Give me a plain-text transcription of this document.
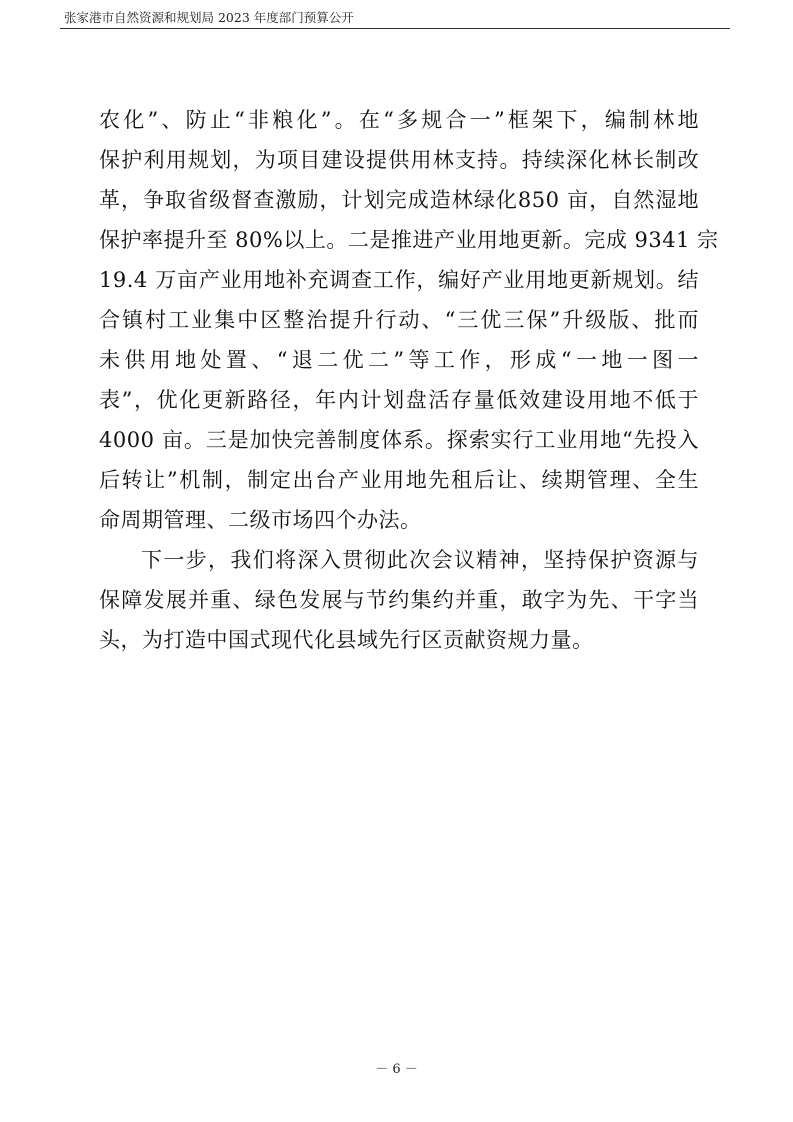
张家港市自然资源和规划局 2023 年度部门预算公开
农化”、防止“非粮化”。在“多规合一”框架下，编制林地
保护利用规划，为项目建设提供用林支持。持续深化林长制改
革，争取省级督查激励，计划完成造林绿化850 亩，自然湿地
保护率提升至 80%以上。二是推进产业用地更新。完成 9341 宗
19.4 万亩产业用地补充调查工作，编好产业用地更新规划。结
合镇村工业集中区整治提升行动、“三优三保”升级版、批而
未供用地处置、“退二优二”等工作，形成“一地一图一
表”，优化更新路径，年内计划盘活存量低效建设用地不低于
4000 亩。三是加快完善制度体系。探索实行工业用地“先投入
后转让”机制，制定出台产业用地先租后让、续期管理、全生
命周期管理、二级市场四个办法。
下一步，我们将深入贯彻此次会议精神，坚持保护资源与
保障发展并重、绿色发展与节约集约并重，敢字为先、干字当
头，为打造中国式现代化县域先行区贡献资规力量。
－ 6 －
